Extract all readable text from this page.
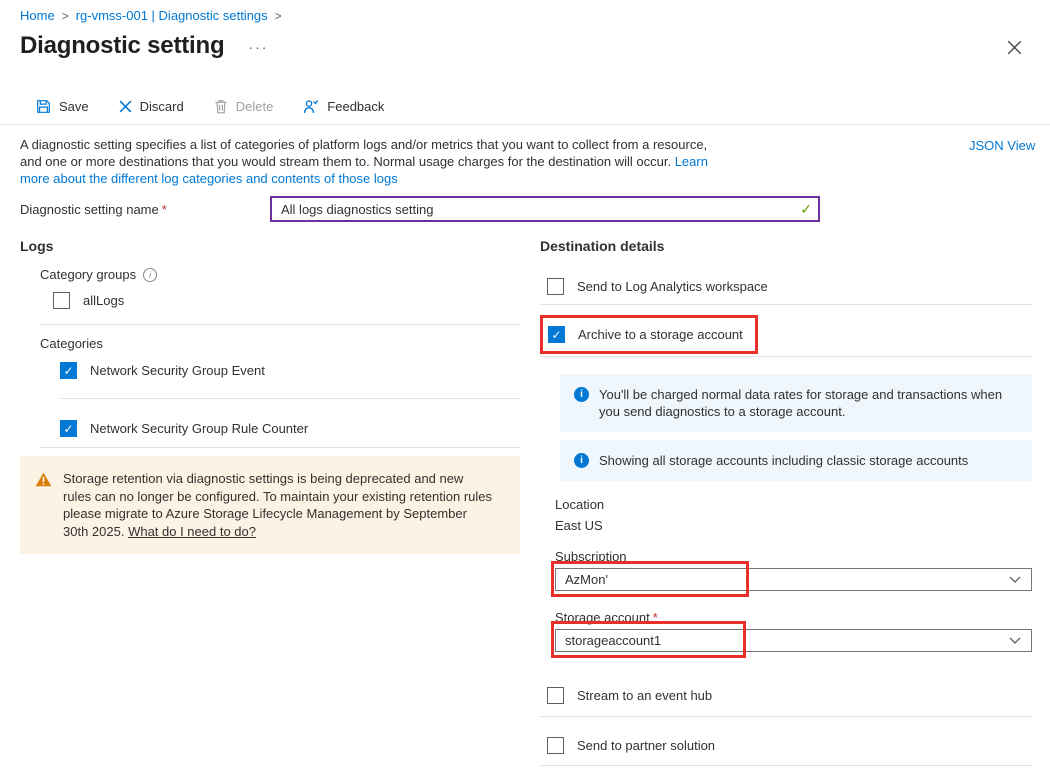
Home > rg-vmss-001 | Diagnostic settings >
Diagnostic setting ···
Save	Discard	Delete	Feedback
A diagnostic setting specifies a list of categories of platform logs and/or metrics that you want to collect from a resource, and one or more destinations that you would stream them to. Normal usage charges for the destination will occur. Learn more about the different log categories and contents of those logs
JSON View
Diagnostic setting name *
All logs diagnostics setting	✓
Logs
Category groups	i
allLogs
Categories
✓
Network Security Group Event
✓
Network Security Group Rule Counter
Storage retention via diagnostic settings is being deprecated and new rules can no longer be configured. To maintain your existing retention rules please migrate to Azure Storage Lifecycle Management by September 30th 2025. What do I need to do?
Destination details
Send to Log Analytics workspace
✓
Archive to a storage account
i	You'll be charged normal data rates for storage and transactions when you send diagnostics to a storage account.
i	Showing all storage accounts including classic storage accounts
Location
East US
Subscription
AzMon'
Storage account *
storageaccount1
Stream to an event hub
Send to partner solution
